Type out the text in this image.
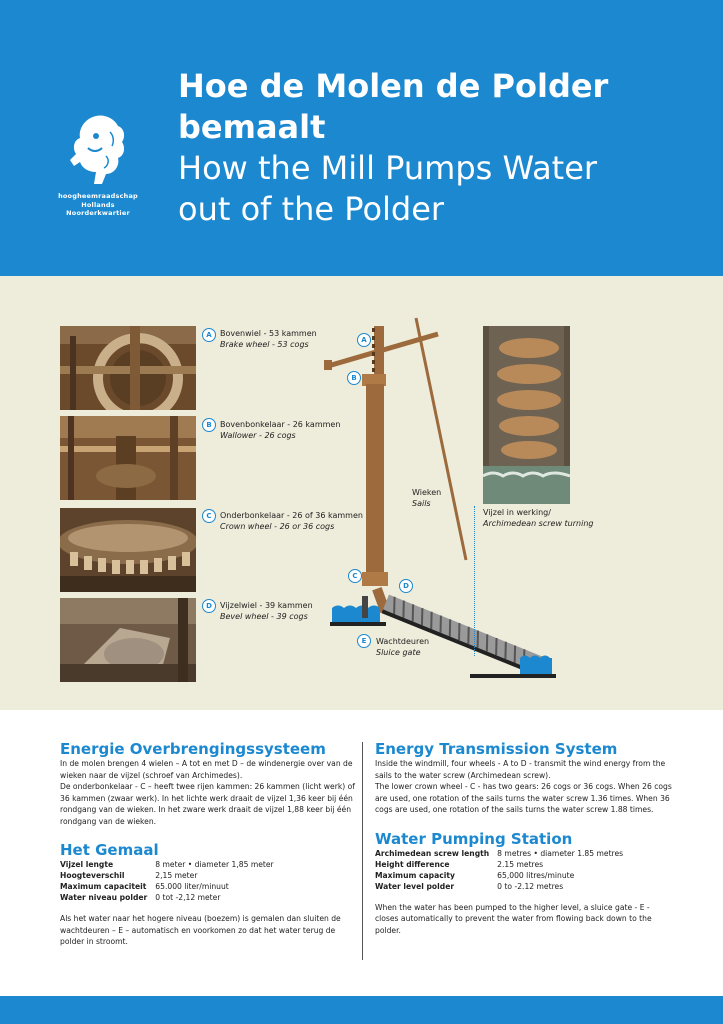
hoogheemraadschap
Hollands
Noorderkwartier
Hoe de Molen de Polder
bemaalt
How the Mill Pumps Water
out of the Polder
A	Bovenwiel - 53 kammen
Brake wheel - 53 cogs
B	Bovenbonkelaar - 26 kammen
Wallower - 26 cogs
C	Onderbonkelaar - 26 of 36 kammen
Crown wheel - 26 or 36 cogs
D	Vijzelwiel - 39 kammen
Bevel wheel - 39 cogs
A
B
C
D
E
Wieken
Sails
Wachtdeuren
Sluice gate
Vijzel in werking/
Archimedean screw turning
Energie Overbrengingssysteem
In de molen brengen 4 wielen – A tot en met D – de windenergie over van de wieken naar de vijzel (schroef van Archimedes).
De onderbonkelaar - C – heeft twee rijen kammen: 26 kammen (licht werk) of 36 kammen (zwaar werk). In het lichte werk draait de vijzel 1,36 keer bij één rondgang van de wieken. In het zware werk draait de vijzel 1,88 keer bij één rondgang van de wieken.
Het Gemaal
Vijzel lengte	8 meter • diameter 1,85 meter
Hoogteverschil	2,15 meter
Maximum capaciteit	65.000 liter/minuut
Water niveau polder	0 tot -2,12 meter
Als het water naar het hogere niveau (boezem) is gemalen dan sluiten de wachtdeuren – E – automatisch en voorkomen zo dat het water terug de polder in stroomt.
Energy Transmission System
Inside the windmill, four wheels - A to D - transmit the wind energy from the sails to the water screw (Archimedean screw).
The lower crown wheel - C - has two gears: 26 cogs or 36 cogs. When 26 cogs are used, one rotation of the sails turns the water screw 1.36 times. When 36 cogs are used, one rotation of the sails turns the water screw 1.88 times.
Water Pumping Station
Archimedean screw length	8 metres • diameter 1.85 metres
Height difference	2.15 metres
Maximum capacity	65,000 litres/minute
Water level polder	0 to -2.12 metres
When the water has been pumped to the higher level, a sluice gate - E - closes automatically to prevent the water from flowing back down to the polder.
